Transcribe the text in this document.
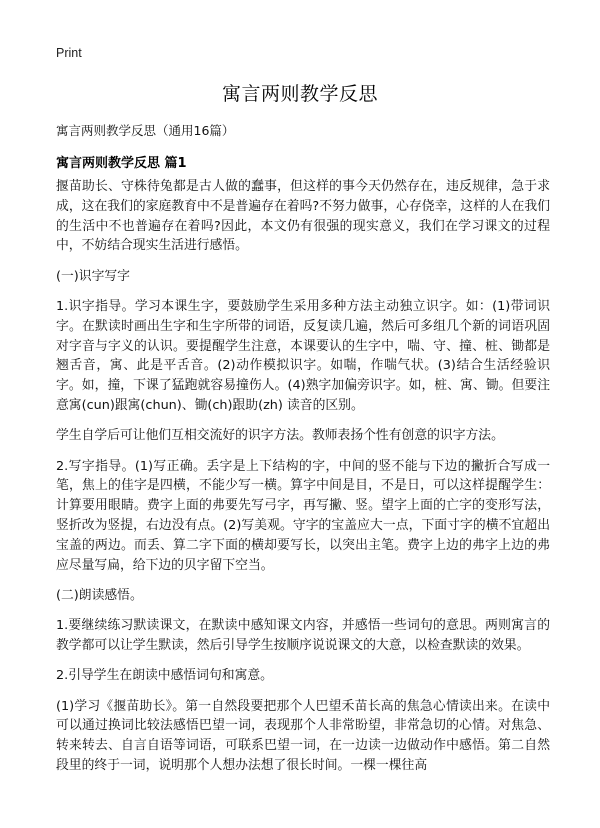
Print
寓言两则教学反思
寓言两则教学反思（通用16篇）
寓言两则教学反思 篇1

揠苗助长、守株待兔都是古人做的蠢事，但这样的事今天仍然存在，违反规律，急于求成，这在我们的家庭教育中不是普遍存在着吗?不努力做事，心存侥幸，这样的人在我们的生活中不也普遍存在着吗?因此，本文仍有很强的现实意义，我们在学习课文的过程中，不妨结合现实生活进行感悟。

(一)识字写字

1.识字指导。学习本课生字，要鼓励学生采用多种方法主动独立识字。如：(1)带词识字。在默读时画出生字和生字所带的词语，反复读几遍，然后可多组几个新的词语巩固对字音与字义的认识。要提醒学生注意，本课要认的生字中，喘、守、撞、桩、锄都是翘舌音，寓、此是平舌音。(2)动作模拟识字。如喘，作喘气状。(3)结合生活经验识字。如，撞，下课了猛跑就容易撞伤人。(4)熟字加偏旁识字。如，桩、寓、锄。但要注意寓(cun)跟寓(chun)、锄(ch)跟助(zh) 读音的区别。

学生自学后可让他们互相交流好的识字方法。教师表扬个性有创意的识字方法。

2.写字指导。(1)写正确。丢字是上下结构的字，中间的竖不能与下边的撇折合写成一笔，焦上的佳字是四横，不能少写一横。算字中间是目，不是日，可以这样提醒学生：计算要用眼睛。费字上面的弗要先写弓字，再写撇、竖。望字上面的亡字的变形写法，竖折改为竖提，右边没有点。(2)写美观。守字的宝盖应大一点，下面寸字的横不宜超出宝盖的两边。而丢、算二字下面的横却要写长，以突出主笔。费字上边的弗字上边的弗应尽量写扁，给下边的贝字留下空当。

(二)朗读感悟。

1.要继续练习默读课文，在默读中感知课文内容，并感悟一些词句的意思。两则寓言的教学都可以让学生默读，然后引导学生按顺序说说课文的大意，以检查默读的效果。

2.引导学生在朗读中感悟词句和寓意。

(1)学习《揠苗助长》。第一自然段要把那个人巴望禾苗长高的焦急心情读出来。在读中可以通过换词比较法感悟巴望一词，表现那个人非常盼望，非常急切的心情。对焦急、转来转去、自言自语等词语，可联系巴望一词，在一边读一边做动作中感悟。第二自然段里的终于一词，说明那个人想办法想了很长时间。一棵一棵往高
